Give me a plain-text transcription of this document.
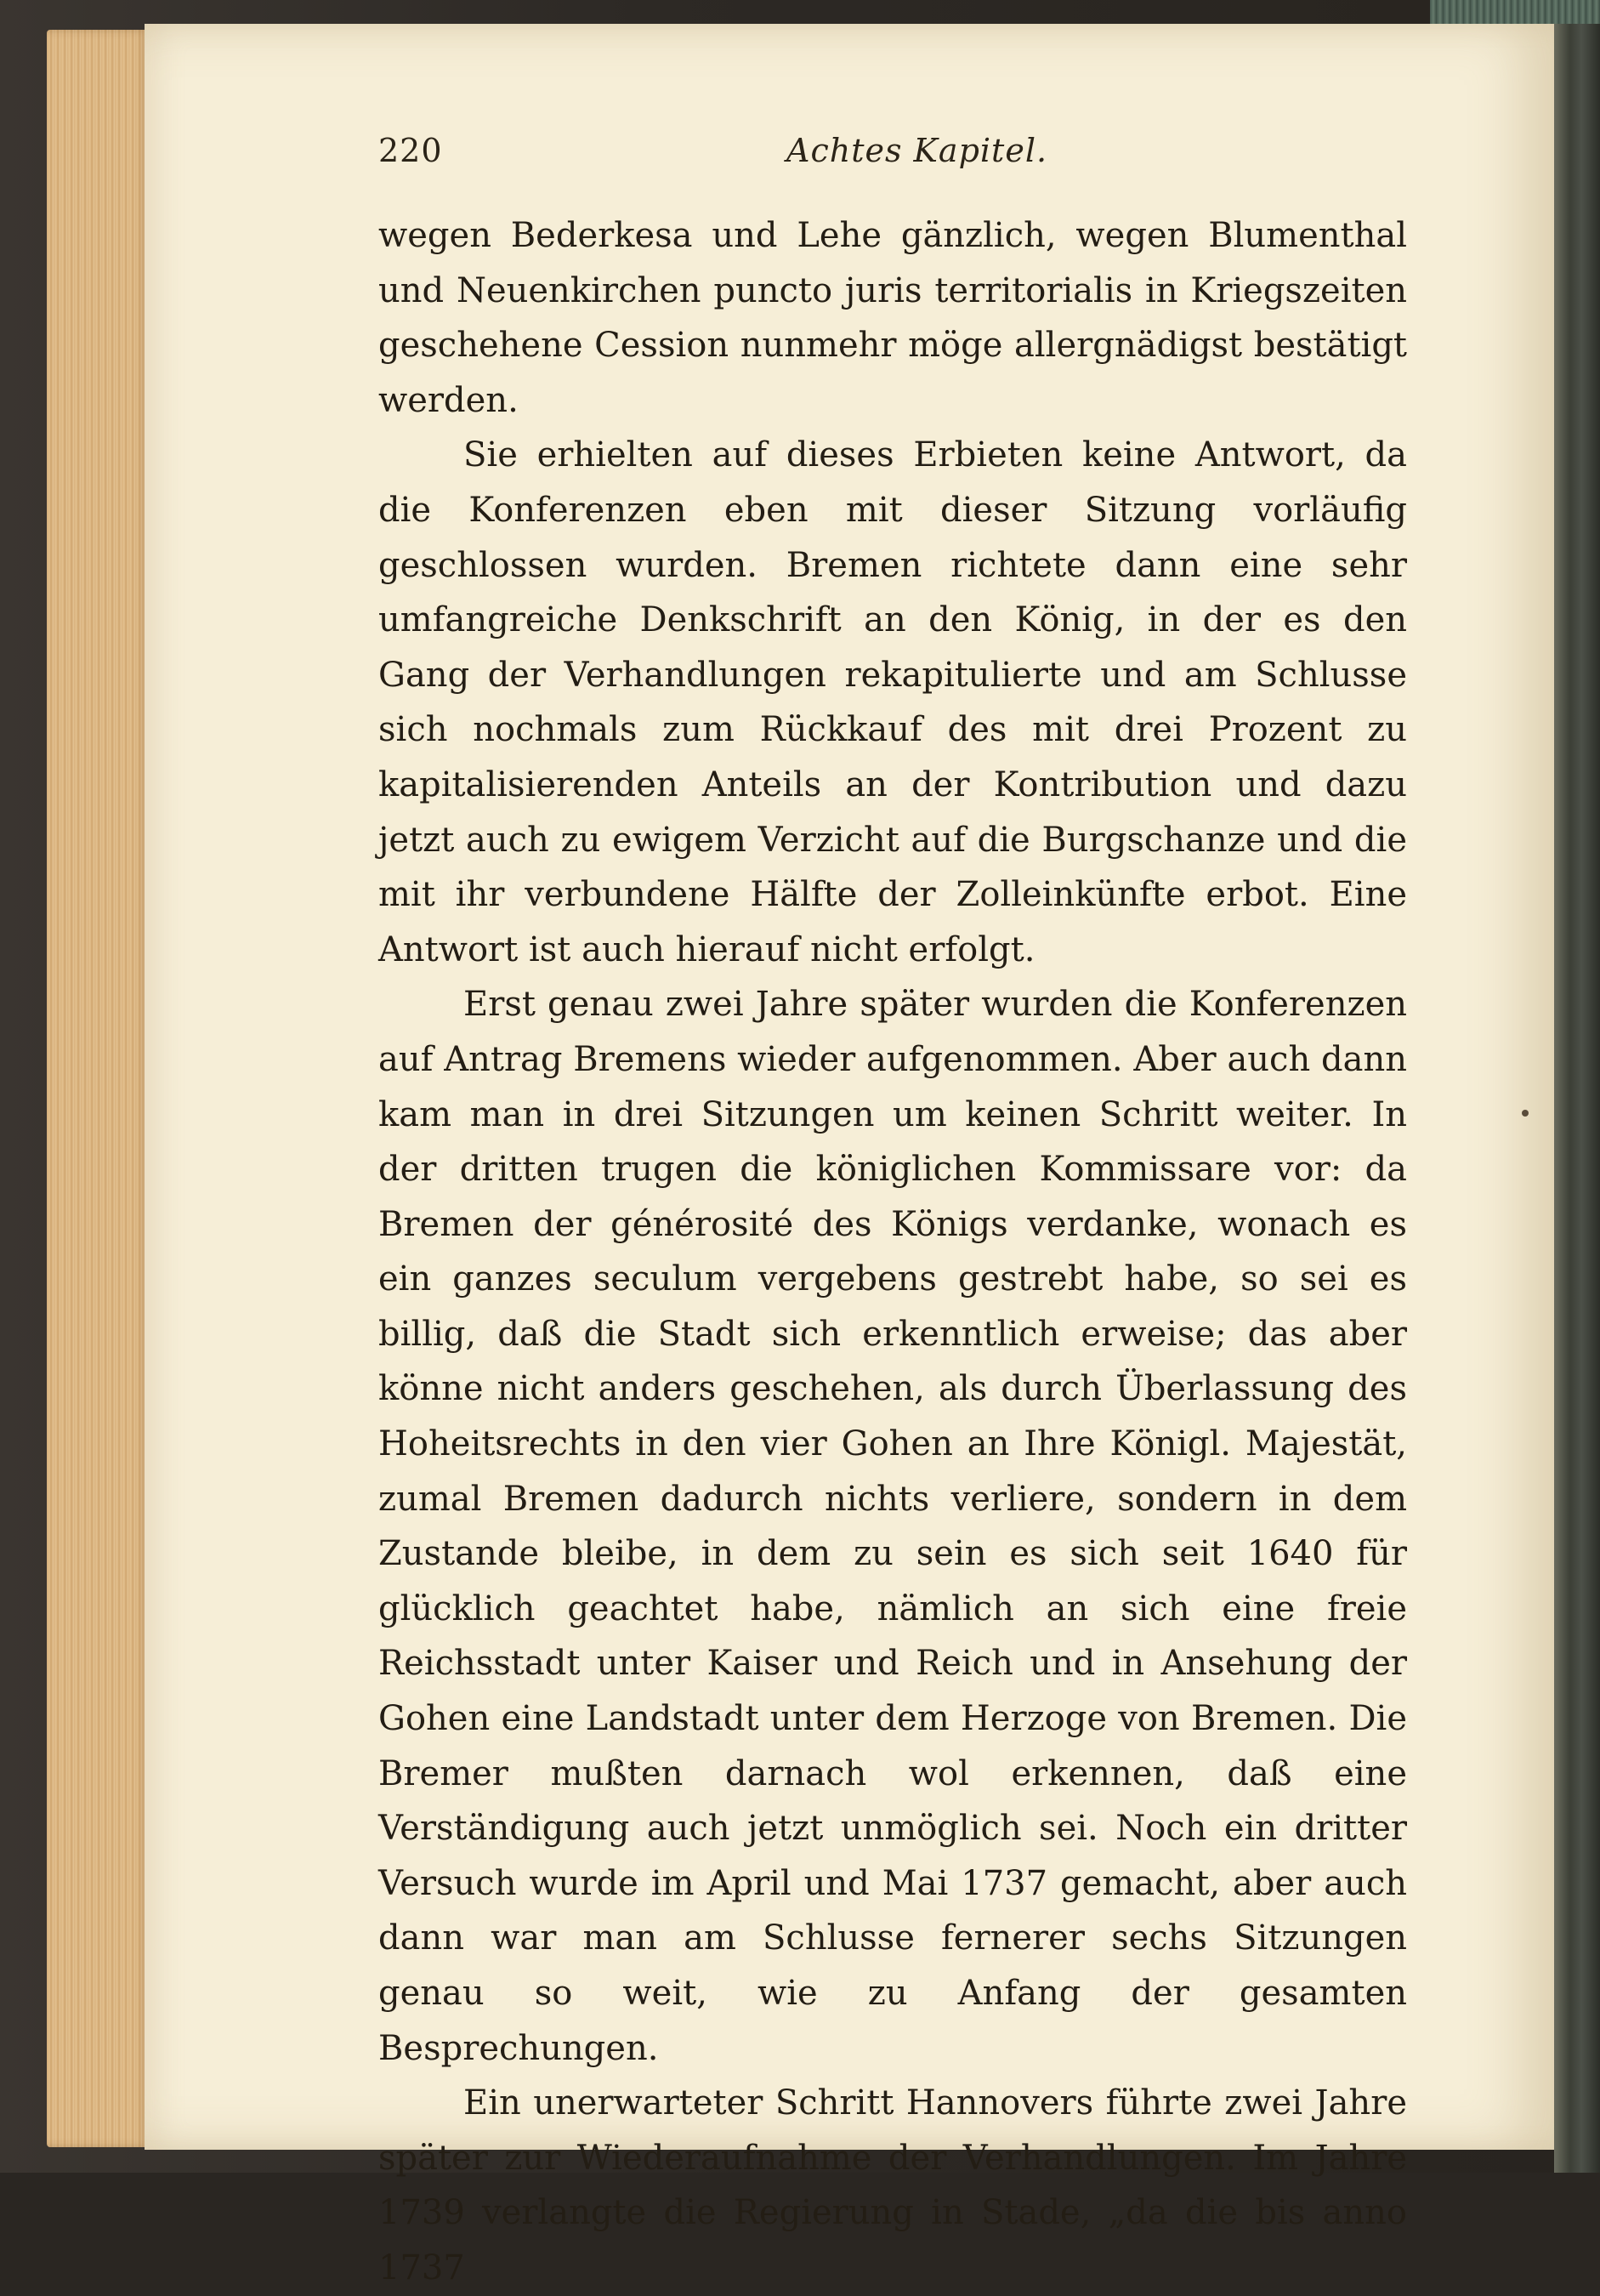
220	Achtes Kapitel.

wegen Bederkesa und Lehe gänzlich, wegen Blumenthal und Neuenkirchen puncto juris territorialis in Kriegszeiten geschehene Cession nunmehr möge allergnädigst bestätigt werden.

Sie erhielten auf dieses Erbieten keine Antwort, da die Konferenzen eben mit dieser Sitzung vorläufig geschlossen wurden. Bremen richtete dann eine sehr umfangreiche Denkschrift an den König, in der es den Gang der Verhandlungen rekapitulierte und am Schlusse sich nochmals zum Rückkauf des mit drei Prozent zu kapitalisierenden Anteils an der Kontribution und dazu jetzt auch zu ewigem Verzicht auf die Burgschanze und die mit ihr verbundene Hälfte der Zolleinkünfte erbot. Eine Antwort ist auch hierauf nicht erfolgt.

Erst genau zwei Jahre später wurden die Konferenzen auf Antrag Bremens wieder aufgenommen. Aber auch dann kam man in drei Sitzungen um keinen Schritt weiter. In der dritten trugen die königlichen Kommissare vor: da Bremen der générosité des Königs verdanke, wonach es ein ganzes seculum vergebens gestrebt habe, so sei es billig, daß die Stadt sich erkenntlich erweise; das aber könne nicht anders geschehen, als durch Überlassung des Hoheitsrechts in den vier Gohen an Ihre Königl. Majestät, zumal Bremen dadurch nichts verliere, sondern in dem Zustande bleibe, in dem zu sein es sich seit 1640 für glücklich geachtet habe, nämlich an sich eine freie Reichsstadt unter Kaiser und Reich und in Ansehung der Gohen eine Landstadt unter dem Herzoge von Bremen. Die Bremer mußten darnach wol erkennen, daß eine Verständigung auch jetzt unmöglich sei. Noch ein dritter Versuch wurde im April und Mai 1737 gemacht, aber auch dann war man am Schlusse fernerer sechs Sitzungen genau so weit, wie zu Anfang der gesamten Besprechungen.

Ein unerwarteter Schritt Hannovers führte zwei Jahre später zur Wiederaufnahme der Verhandlungen. Im Jahre 1739 verlangte die Regierung in Stade, „da die bis anno 1737
